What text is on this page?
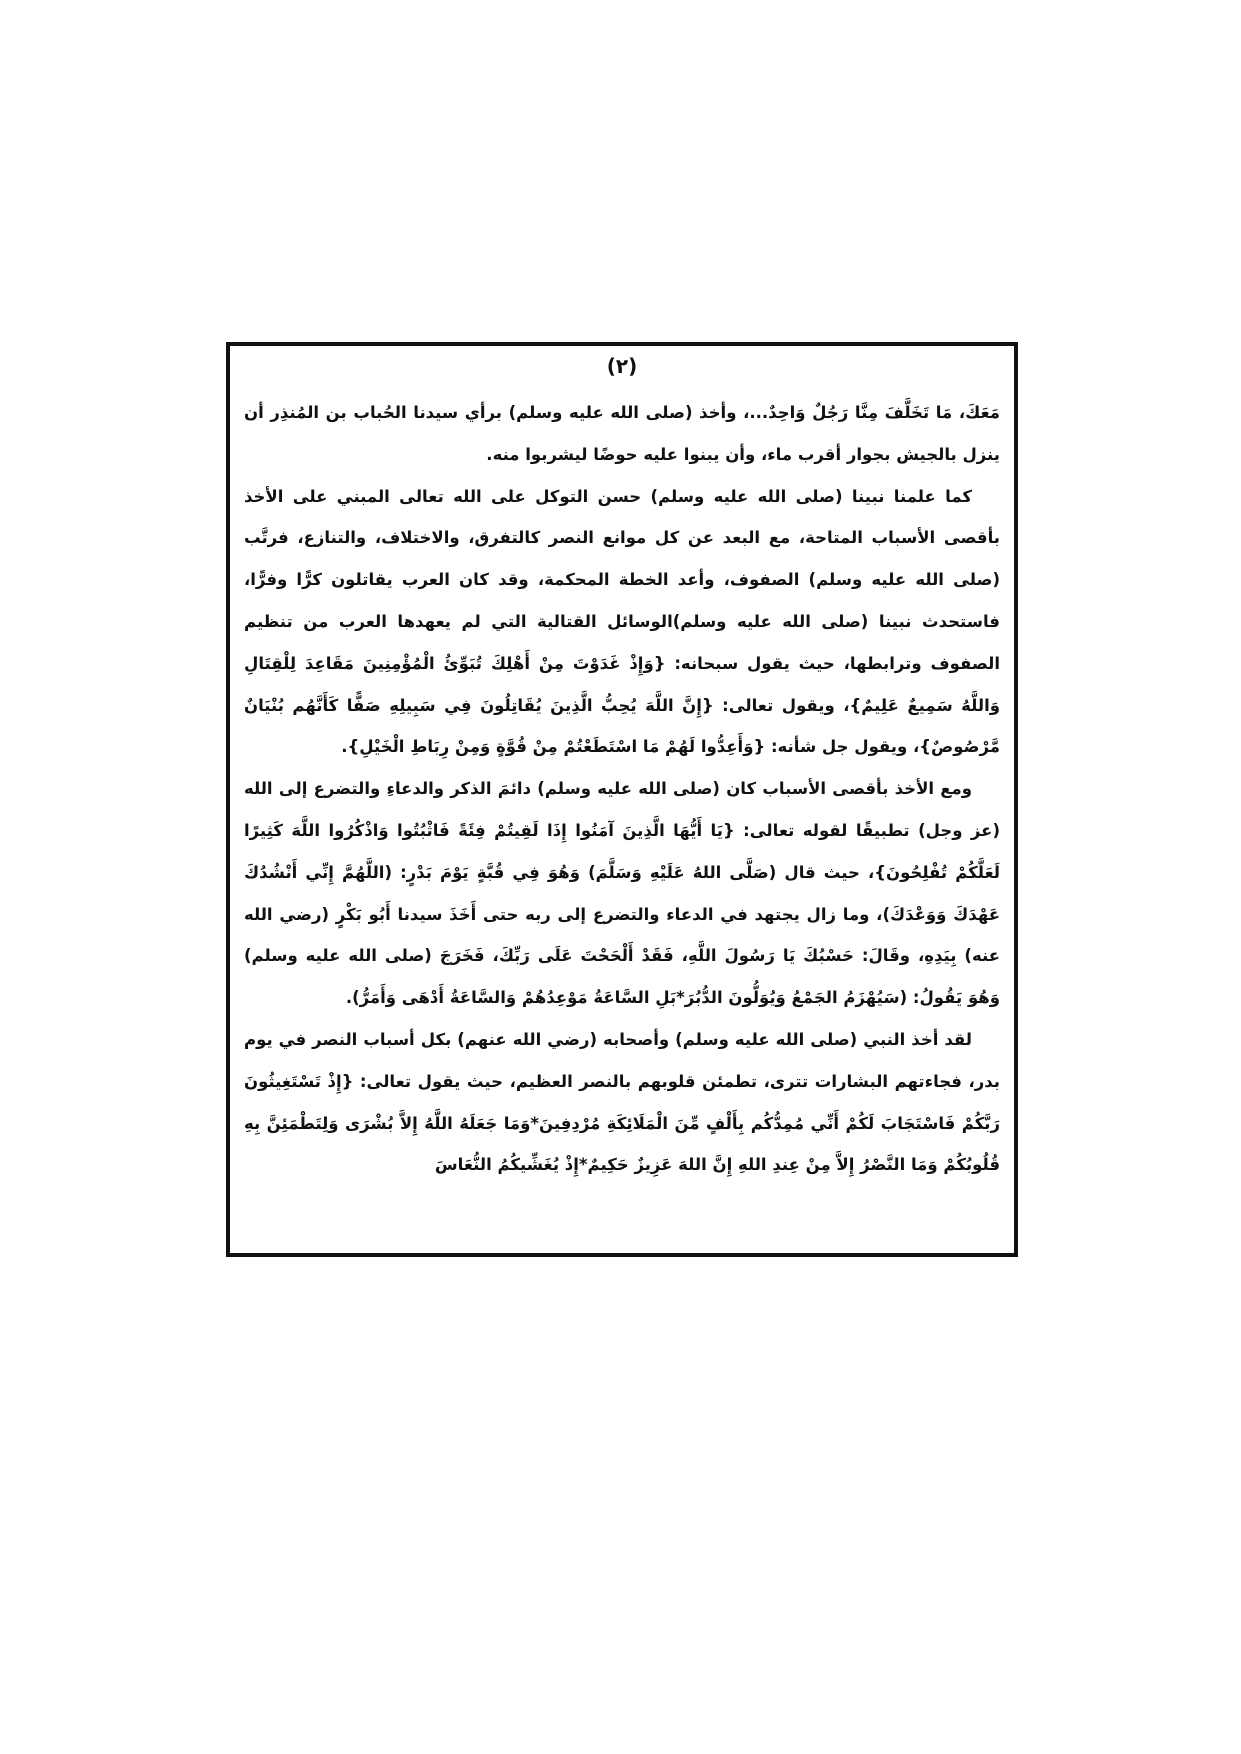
(٢)

مَعَكَ، مَا تَخَلَّفَ مِنَّا رَجُلٌ وَاحِدٌ...، وأخذ (صلى الله عليه وسلم) برأي سيدنا الحُباب بن المُنذِر أن ينزل بالجيش بجوار أقرب ماء، وأن يبنوا عليه حوضًا ليشربوا منه.

كما علمنا نبينا (صلى الله عليه وسلم) حسن التوكل على الله تعالى المبني على الأخذ بأقصى الأسباب المتاحة، مع البعد عن كل موانع النصر كالتفرق، والاختلاف، والتنازع، فرتَّب (صلى الله عليه وسلم) الصفوف، وأعد الخطة المحكمة، وقد كان العرب يقاتلون كرًّا وفرًّا، فاستحدث نبينا (صلى الله عليه وسلم)الوسائل القتالية التي لم يعهدها العرب من تنظيم الصفوف وترابطها، حيث يقول سبحانه: {وَإِذْ غَدَوْتَ مِنْ أَهْلِكَ تُبَوِّئُ الْمُؤْمِنِينَ مَقَاعِدَ لِلْقِتَالِ وَاللَّهُ سَمِيعٌ عَلِيمٌ}، ويقول تعالى: {إِنَّ اللَّهَ يُحِبُّ الَّذِينَ يُقَاتِلُونَ فِي سَبِيلِهِ صَفًّا كَأَنَّهُم بُنْيَانٌ مَّرْصُوصٌ}، ويقول جل شأنه: {وَأَعِدُّوا لَهُمْ مَا اسْتَطَعْتُمْ مِنْ قُوَّةٍ وَمِنْ رِبَاطِ الْخَيْلِ}.

ومع الأخذ بأقصى الأسباب كان (صلى الله عليه وسلم) دائمَ الذكر والدعاءِ والتضرع إلى الله (عز وجل) تطبيقًا لقوله تعالى: {يَا أَيُّهَا الَّذِينَ آمَنُوا إِذَا لَقِيتُمْ فِئَةً فَاثْبُتُوا وَاذْكُرُوا اللَّهَ كَثِيرًا لَعَلَّكُمْ تُفْلِحُونَ}، حيث قال (صَلَّى اللهُ عَلَيْهِ وَسَلَّمَ) وَهُوَ فِي قُبَّةٍ يَوْمَ بَدْرٍ: (اللَّهُمَّ إِنِّي أَنْشُدُكَ عَهْدَكَ وَوَعْدَكَ)، وما زال يجتهد في الدعاء والتضرع إلى ربه حتى أَخَذَ سيدنا أَبُو بَكْرٍ (رضي الله عنه) بِيَدِهِ، وقَالَ: حَسْبُكَ يَا رَسُولَ اللَّهِ، فَقَدْ أَلْحَحْتَ عَلَى رَبِّكَ، فَخَرَجَ (صلى الله عليه وسلم) وَهُوَ يَقُولُ: (سَيُهْزَمُ الجَمْعُ وَيُوَلُّونَ الدُّبُرَ*بَلِ السَّاعَةُ مَوْعِدُهُمْ وَالسَّاعَةُ أَدْهَى وَأَمَرُّ).

لقد أخذ النبي (صلى الله عليه وسلم) وأصحابه (رضي الله عنهم) بكل أسباب النصر في يوم بدر، فجاءتهم البشارات تترى، تطمئن قلوبهم بالنصر العظيم، حيث يقول تعالى: {إِذْ تَسْتَغِيثُونَ رَبَّكُمْ فَاسْتَجَابَ لَكُمْ أَنِّي مُمِدُّكُم بِأَلْفٍ مِّنَ الْمَلَائِكَةِ مُرْدِفِينَ*وَمَا جَعَلَهُ اللَّهُ إِلاَّ بُشْرَى وَلِتَطْمَئِنَّ بِهِ قُلُوبُكُمْ وَمَا النَّصْرُ إِلاَّ مِنْ عِندِ اللهِ إِنَّ اللهَ عَزِيزٌ حَكِيمٌ*إِذْ يُغَشِّيكُمُ النُّعَاسَ
